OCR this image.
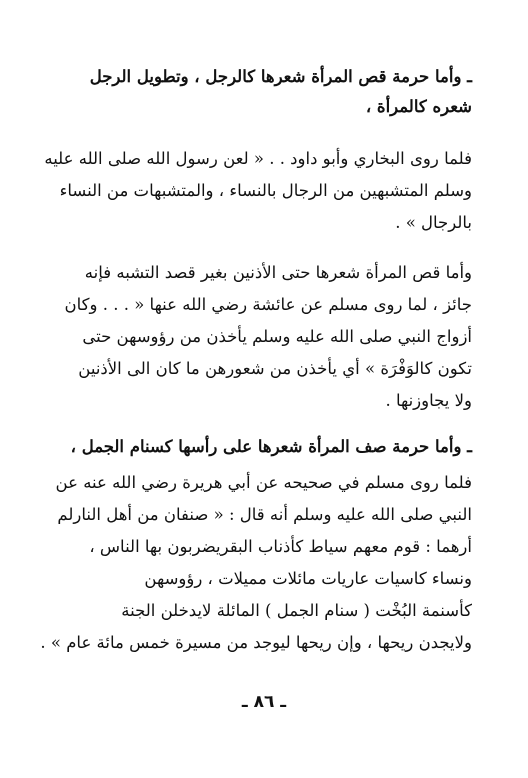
ـ وأما حرمة قص المرأة شعرها كالرجل ، وتطويل الرجل
شعره كالمرأة ،
فلما روى البخاري وأبو داود . . « لعن رسول الله صلى الله عليه
وسلم المتشبهين من الرجال بالنساء ، والمتشبهات من النساء
بالرجال » .
وأما قص المرأة شعرها حتى الأذنين بغير قصد التشبه فإنه
جائز ، لما روى مسلم عن عائشة رضي الله عنها « . . . وكان
أزواج النبي صلى الله عليه وسلم يأخذن من رؤوسهن حتى
تكون كالوَفْرَة » أي يأخذن من شعورهن ما كان الى الأذنين
ولا يجاوزنها .
ـ وأما حرمة صف المرأة شعرها على رأسها كسنام الجمل ،
فلما روى مسلم في صحيحه عن أبي هريرة رضي الله عنه عن
النبي صلى الله عليه وسلم أنه قال : « صنفان من أهل النارلم
أرهما : قوم معهم سياط كأذناب البقريضربون بها الناس ،
ونساء كاسيات عاريات مائلات مميلات ، رؤوسهن
كأسنمة البُخْت ( سنام الجمل ) المائلة لايدخلن الجنة
ولايجدن ريحها ، وإن ريحها ليوجد من مسيرة خمس مائة عام » .
ـ ٨٦ ـ
